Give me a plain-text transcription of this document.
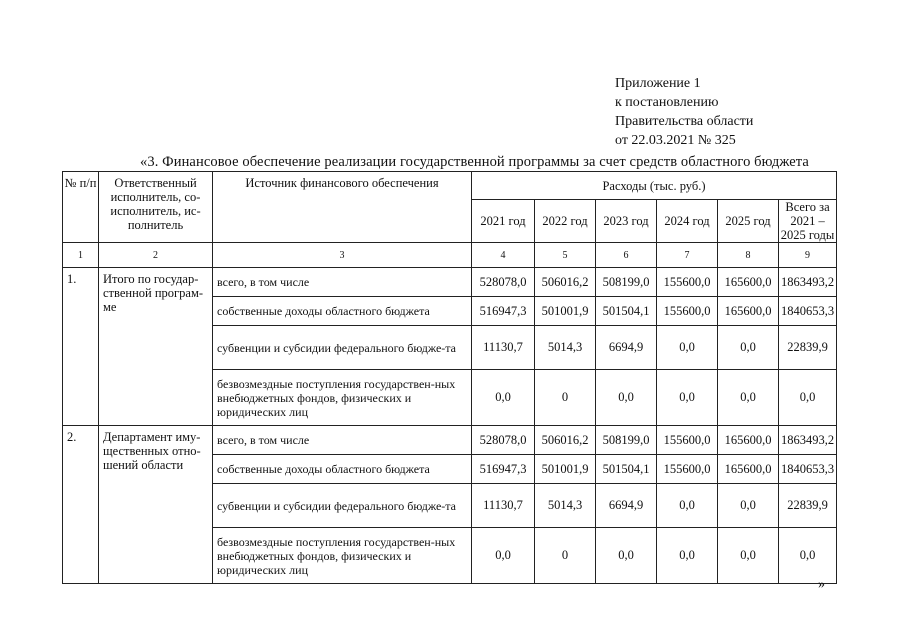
Приложение 1
к постановлению
Правительства области
от 22.03.2021 № 325
«3. Финансовое обеспечение реализации государственной программы за счет средств областного бюджета
№ п/п	Ответственный исполнитель, со-исполнитель, ис-полнитель	Источник финансового обеспечения	Расходы (тыс. руб.)					
			2021 год	2022 год	2023 год	2024 год	2025 год	Всего за 2021 – 2025 годы
1	2	3	4	5	6	7	8	9
1.	Итого по государ-ственной програм-ме	всего, в том числе	528078,0	506016,2	508199,0	155600,0	165600,0	1863493,2
		собственные доходы областного бюджета	516947,3	501001,9	501504,1	155600,0	165600,0	1840653,3
		субвенции и субсидии федерального бюдже-та	11130,7	5014,3	6694,9	0,0	0,0	22839,9
		безвозмездные поступления государствен-ных внебюджетных фондов, физических и юридических лиц	0,0	0	0,0	0,0	0,0	0,0
2.	Департамент иму-щественных отно-шений области	всего, в том числе	528078,0	506016,2	508199,0	155600,0	165600,0	1863493,2
		собственные доходы областного бюджета	516947,3	501001,9	501504,1	155600,0	165600,0	1840653,3
		субвенции и субсидии федерального бюдже-та	11130,7	5014,3	6694,9	0,0	0,0	22839,9
		безвозмездные поступления государствен-ных внебюджетных фондов, физических и юридических лиц	0,0	0	0,0	0,0	0,0	0,0
»
